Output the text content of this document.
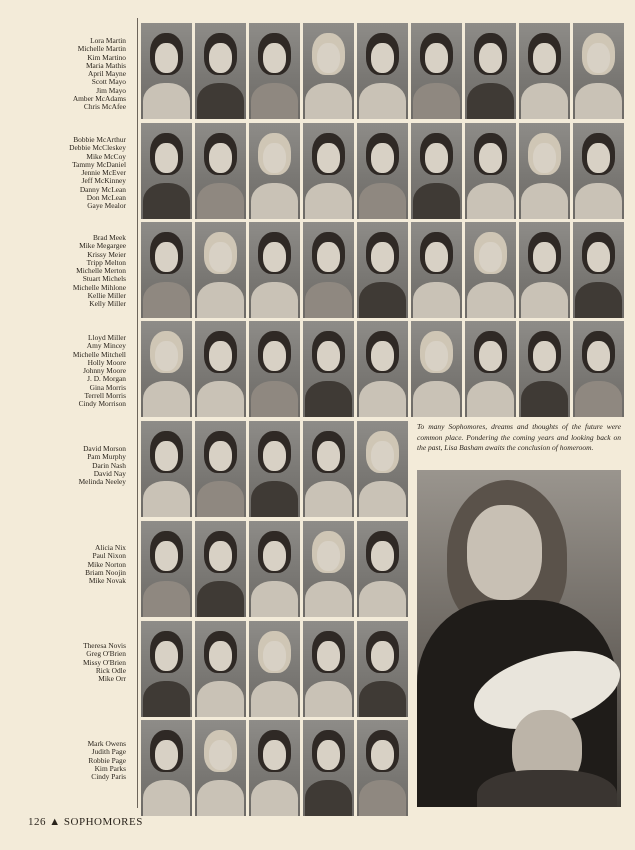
Lora Martin
Michelle Martin
Kim Martino
Maria Mathis
April Mayne
Scott Mayo
Jim Mayo
Amber McAdams
Chris McAfee
Bobbie McArthur
Debbie McCleskey
Mike McCoy
Tammy McDaniel
Jennie McEver
Jeff McKinney
Danny McLean
Don McLean
Gaye Mealor
Brad Meek
Mike Megargee
Krissy Meier
Tripp Melton
Michelle Merton
Stuart Michels
Michelle Mihlone
Kellie Miller
Kelly Miller
Lloyd Miller
Amy Mincey
Michelle Mitchell
Holly Moore
Johnny Moore
J. D. Morgan
Gina Morris
Terrell Morris
Cindy Morrison
David Morson
Pam Murphy
Darin Nash
David Nay
Melinda Neeley
Alicia Nix
Paul Nixon
Mike Norton
Briam Noojin
Mike Novak
Theresa Novis
Greg O'Brien
Missy O'Brien
Rick Odle
Mike Orr
Mark Owens
Judith Page
Robbie Page
Kim Parks
Cindy Paris
To many Sophomores, dreams and thoughts of the future were common place. Pondering the coming years and looking back on the past, Lisa Basham awaits the conclusion of homeroom.
126 ▲ SOPHOMORES
